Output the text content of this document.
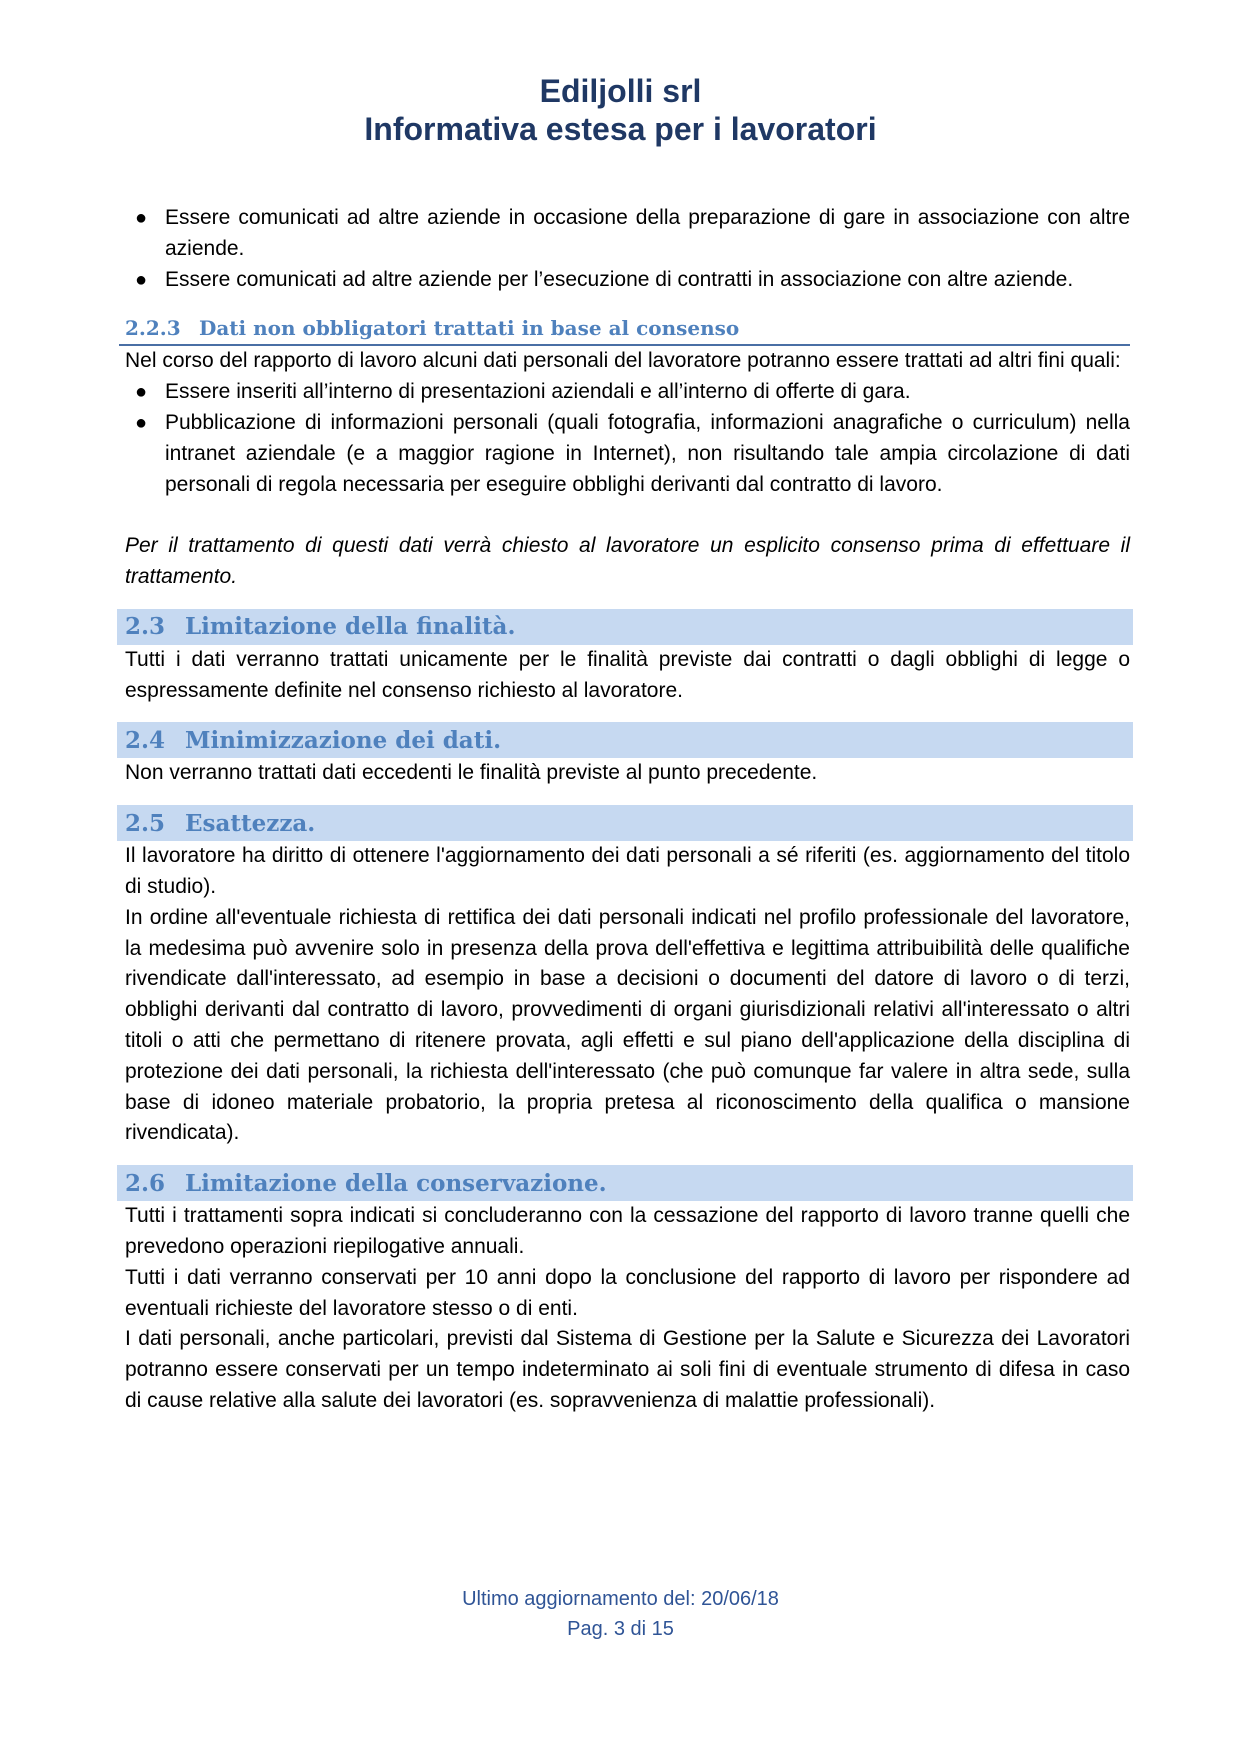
Ediljolli srl
Informativa estesa per i lavoratori
● Essere comunicati ad altre aziende in occasione della preparazione di gare in associazione con altre aziende.
● Essere comunicati ad altre aziende per l’esecuzione di contratti in associazione con altre aziende.
2.2.3 Dati non obbligatori trattati in base al consenso

Nel corso del rapporto di lavoro alcuni dati personali del lavoratore potranno essere trattati ad altri fini quali:

● Essere inseriti all’interno di presentazioni aziendali e all’interno di offerte di gara.
● Pubblicazione di informazioni personali (quali fotografia, informazioni anagrafiche o curriculum) nella intranet aziendale (e a maggior ragione in Internet), non risultando tale ampia circolazione di dati personali di regola necessaria per eseguire obblighi derivanti dal contratto di lavoro.

Per il trattamento di questi dati verrà chiesto al lavoratore un esplicito consenso prima di effettuare il trattamento.

2.3 Limitazione della finalità.

Tutti i dati verranno trattati unicamente per le finalità previste dai contratti o dagli obblighi di legge o espressamente definite nel consenso richiesto al lavoratore.

2.4 Minimizzazione dei dati.

Non verranno trattati dati eccedenti le finalità previste al punto precedente.

2.5 Esattezza.

Il lavoratore ha diritto di ottenere l'aggiornamento dei dati personali a sé riferiti (es. aggiornamento del titolo di studio).

In ordine all'eventuale richiesta di rettifica dei dati personali indicati nel profilo professionale del lavoratore, la medesima può avvenire solo in presenza della prova dell'effettiva e legittima attribuibilità delle qualifiche rivendicate dall'interessato, ad esempio in base a decisioni o documenti del datore di lavoro o di terzi, obblighi derivanti dal contratto di lavoro, provvedimenti di organi giurisdizionali relativi all'interessato o altri titoli o atti che permettano di ritenere provata, agli effetti e sul piano dell'applicazione della disciplina di protezione dei dati personali, la richiesta dell'interessato (che può comunque far valere in altra sede, sulla base di idoneo materiale probatorio, la propria pretesa al riconoscimento della qualifica o mansione rivendicata).

2.6 Limitazione della conservazione.

Tutti i trattamenti sopra indicati si concluderanno con la cessazione del rapporto di lavoro tranne quelli che prevedono operazioni riepilogative annuali.

Tutti i dati verranno conservati per 10 anni dopo la conclusione del rapporto di lavoro per rispondere ad eventuali richieste del lavoratore stesso o di enti.

I dati personali, anche particolari, previsti dal Sistema di Gestione per la Salute e Sicurezza dei Lavoratori potranno essere conservati per un tempo indeterminato ai soli fini di eventuale strumento di difesa in caso di cause relative alla salute dei lavoratori (es. sopravvenienza di malattie professionali).

Ultimo aggiornamento del: 20/06/18
Pag. 3 di 15
